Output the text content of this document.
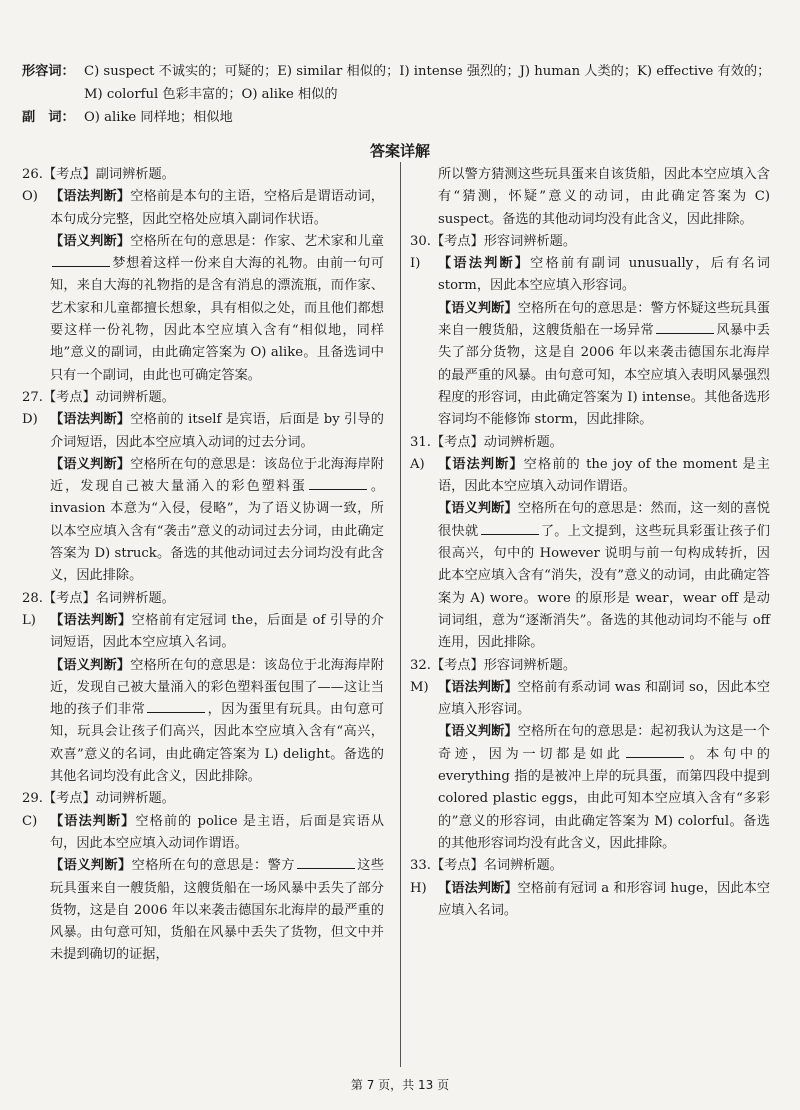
形容词： C) suspect 不诚实的；可疑的；E) similar 相似的；I) intense 强烈的；J) human 人类的；K) effective 有效的；M) colorful 色彩丰富的；O) alike 相似的
副　词： O) alike 同样地；相似地
答案详解

26.【考点】副词辨析题。

O) 【语法判断】空格前是本句的主语，空格后是谓语动词，本句成分完整，因此空格处应填入副词作状语。

【语义判断】空格所在句的意思是：作家、艺术家和儿童梦想着这样一份来自大海的礼物。由前一句可知，来自大海的礼物指的是含有消息的漂流瓶，而作家、艺术家和儿童都擅长想象，具有相似之处，而且他们都想要这样一份礼物，因此本空应填入含有“相似地，同样地”意义的副词，由此确定答案为 O) alike。且备选词中只有一个副词，由此也可确定答案。

27.【考点】动词辨析题。

D) 【语法判断】空格前的 itself 是宾语，后面是 by 引导的介词短语，因此本空应填入动词的过去分词。

【语义判断】空格所在句的意思是：该岛位于北海海岸附近，发现自己被大量涌入的彩色塑料蛋	。invasion 本意为“入侵，侵略”，为了语义协调一致，所以本空应填入含有“袭击”意义的动词过去分词，由此确定答案为 D) struck。备选的其他动词过去分词均没有此含义，因此排除。

28.【考点】名词辨析题。

L) 【语法判断】空格前有定冠词 the，后面是 of 引导的介词短语，因此本空应填入名词。

【语义判断】空格所在句的意思是：该岛位于北海海岸附近，发现自己被大量涌入的彩色塑料蛋包围了——这让当地的孩子们非常	，因为蛋里有玩具。由句意可知，玩具会让孩子们高兴，因此本空应填入含有“高兴，欢喜”意义的名词，由此确定答案为 L) delight。备选的其他名词均没有此含义，因此排除。

29.【考点】动词辨析题。

C) 【语法判断】空格前的 police 是主语，后面是宾语从句，因此本空应填入动词作谓语。

【语义判断】空格所在句的意思是：警方	这些玩具蛋来自一艘货船，这艘货船在一场风暴中丢失了部分货物，这是自 2006 年以来袭击德国东北海岸的最严重的风暴。由句意可知，货船在风暴中丢失了货物，但文中并未提到确切的证据，

所以警方猜测这些玩具蛋来自该货船，因此本空应填入含有“猜测，怀疑”意义的动词，由此确定答案为 C) suspect。备选的其他动词均没有此含义，因此排除。

30.【考点】形容词辨析题。

I) 【语法判断】空格前有副词 unusually，后有名词 storm，因此本空应填入形容词。

【语义判断】空格所在句的意思是：警方怀疑这些玩具蛋来自一艘货船，这艘货船在一场异常	风暴中丢失了部分货物，这是自 2006 年以来袭击德国东北海岸的最严重的风暴。由句意可知，本空应填入表明风暴强烈程度的形容词，由此确定答案为 I) intense。其他备选形容词均不能修饰 storm，因此排除。

31.【考点】动词辨析题。

A) 【语法判断】空格前的 the joy of the moment 是主语，因此本空应填入动词作谓语。

【语义判断】空格所在句的意思是：然而，这一刻的喜悦很快就	了。上文提到，这些玩具彩蛋让孩子们很高兴，句中的 However 说明与前一句构成转折，因此本空应填入含有“消失，没有”意义的动词，由此确定答案为 A) wore。wore 的原形是 wear，wear off 是动词词组，意为“逐渐消失”。备选的其他动词均不能与 off 连用，因此排除。

32.【考点】形容词辨析题。

M) 【语法判断】空格前有系动词 was 和副词 so，因此本空应填入形容词。

【语义判断】空格所在句的意思是：起初我认为这是一个奇迹，因为一切都是如此	。本句中的 everything 指的是被冲上岸的玩具蛋，而第四段中提到 colored plastic eggs，由此可知本空应填入含有“多彩的”意义的形容词，由此确定答案为 M) colorful。备选的其他形容词均没有此含义，因此排除。

33.【考点】名词辨析题。

H) 【语法判断】空格前有冠词 a 和形容词 huge，因此本空应填入名词。

第 7 页，共 13 页
